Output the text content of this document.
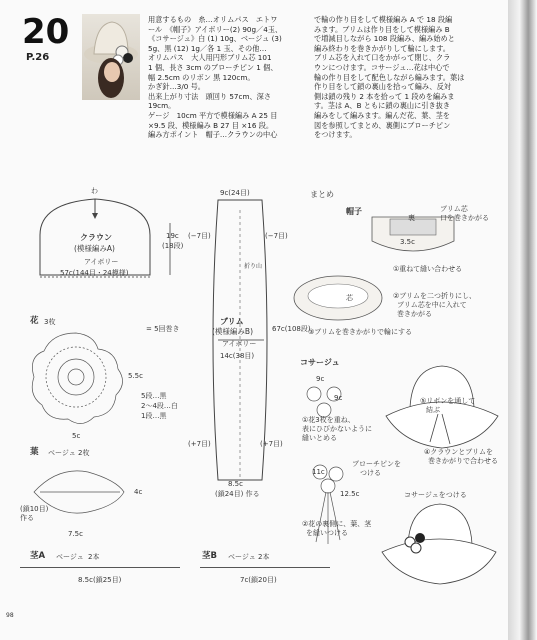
20
P.26
用意するもの　糸…オリムパス　エトワ
ール　《帽子》アイボリー(2) 90g／4玉、
《コサージュ》白 (1) 10g、ベージュ (3)
5g、黒 (12) 1g／各 1 玉、その他…
オリムパス　大人用円形ブリム芯 101
1 個、長さ 3cm のブローチピン 1 個、
幅 2.5cm のリボン 黒 120cm。
かぎ針…3/0 号。
出来上がり寸法　頭回り 57cm、深さ
19cm。
ゲージ　10cm 平方で模様編み A 25 目
×9.5 段、模様編み B 27 目 ×16 段。
編み方ポイント　帽子…クラウンの中心
で輪の作り目をして模様編み A で 18 段編
みます。ブリムは作り目をして模様編み B
で増減目しながら 108 段編み、編み始めと
編み終わりを巻きかがりして輪にします。
ブリム芯を入れて口をかがって閉じ、クラ
ウンにつけます。コサージュ…花は中心で
輪の作り目をして配色しながら編みます。葉は
作り目をして鎖の裏山を拾って編み、反対
側は鎖の残り 2 本を拾って 1 段めを編みま
す。茎は A、B ともに鎖の裏山に引き抜き
編みをして編みます。編んだ花、葉、茎を
図を参照してまとめ、裏側にブローチピン
をつけます。
わ
クラウン
(模様編みA)
アイボリー
57c(144目・24模様)
19c
(18段)
9c(24目)
(−7目)	(−7目)
折り山
ブリム
(模様編みB)
アイボリー
14c(38目)
67c(108段)
(+7目)	(+7目)
8.5c
(鎖24目) 作る
花 3枚
= 5回巻き
5.5c
5段…黒
2〜4段…白
1段…黒
5c
葉 ベージュ 2枚
4c
(鎖10目) 作る
7.5c
茎A ベージュ 2本
8.5c(鎖25目)
茎B ベージュ 2本
7c(鎖20目)
まとめ
帽子
裏
ブリム芯
口を巻きかがる
3.5c
①重ねて縫い合わせる
芯	②ブリムを二つ折りにし、
ブリム芯を中に入れて
巻きかがる
③ブリムを巻きかがりで輪にする
コサージュ
9c
9c
①花3枚を重ね、
表にひびかないように
縫いとめる
11c
ブローチピンを
つける
12.5c
②花の裏側に、葉、茎
を縫いつける
⑤リボンを通して
結ぶ
④クラウンとブリムを
巻きかがりで合わせる
コサージュをつける
98
